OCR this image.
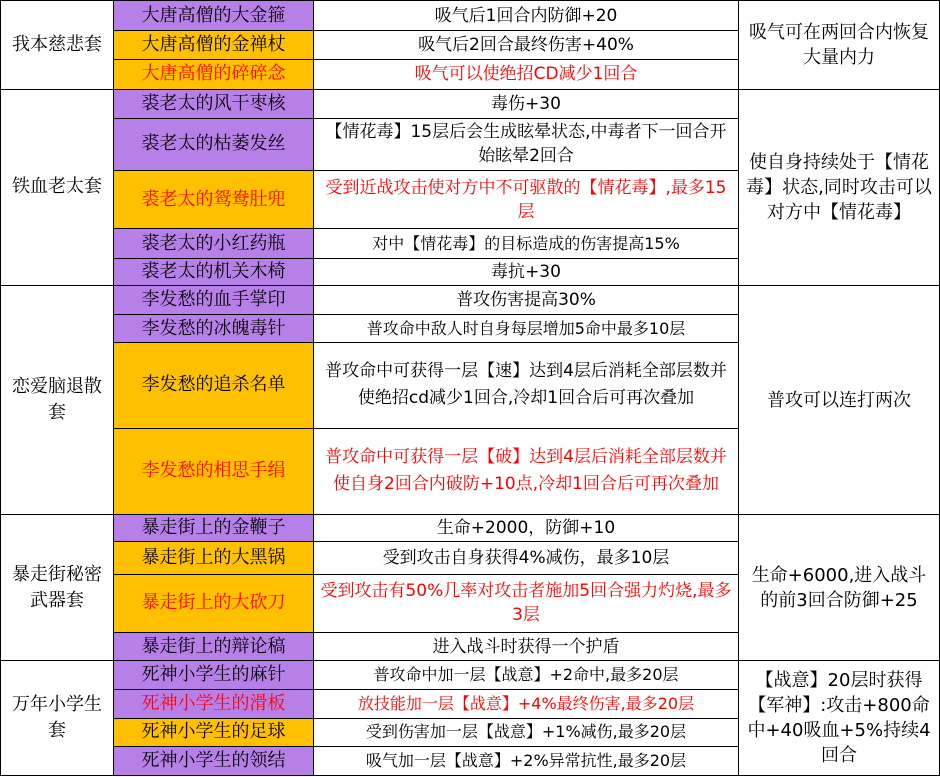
我本慈悲套	大唐高僧的大金箍	吸气后1回合内防御+20	吸气可在两回合内恢复大量内力
	大唐高僧的金禅杖	吸气后2回合最终伤害+40%	
	大唐高僧的碎碎念	吸气可以使绝招CD减少1回合	
铁血老太套	裘老太的风干枣核	毒伤+30	使自身持续处于【情花毒】状态,同时攻击可以对方中【情花毒】
	裘老太的枯萎发丝	【情花毒】15层后会生成眩晕状态,中毒者下一回合开始眩晕2回合	
	裘老太的鸳鸯肚兜	受到近战攻击使对方中不可驱散的【情花毒】,最多15层	
	裘老太的小红药瓶	对中【情花毒】的目标造成的伤害提高15%	
	裘老太的机关木椅	毒抗+30	
恋爱脑退散套	李发愁的血手掌印	普攻伤害提高30%	普攻可以连打两次
	李发愁的冰魄毒针	普攻命中敌人时自身每层增加5命中最多10层	
	李发愁的追杀名单	普攻命中可获得一层【速】达到4层后消耗全部层数并使绝招cd减少1回合,冷却1回合后可再次叠加	
	李发愁的相思手绢	普攻命中可获得一层【破】达到4层后消耗全部层数并使自身2回合内破防+10点,冷却1回合后可再次叠加	
暴走街秘密武器套	暴走街上的金鞭子	生命+2000，防御+10	生命+6000,进入战斗的前3回合防御+25
	暴走街上的大黑锅	受到攻击自身获得4%减伤，最多10层	
	暴走街上的大砍刀	受到攻击有50%几率对攻击者施加5回合强力灼烧,最多3层	
	暴走街上的辩论稿	进入战斗时获得一个护盾	
万年小学生套	死神小学生的麻针	普攻命中加一层【战意】+2命中,最多20层	【战意】20层时获得【军神】:攻击+800命中+40吸血+5%持续4回合
	死神小学生的滑板	放技能加一层【战意】+4%最终伤害,最多20层	
	死神小学生的足球	受到伤害加一层【战意】+1%减伤,最多20层	
	死神小学生的领结	吸气加一层【战意】+2%异常抗性,最多20层	
